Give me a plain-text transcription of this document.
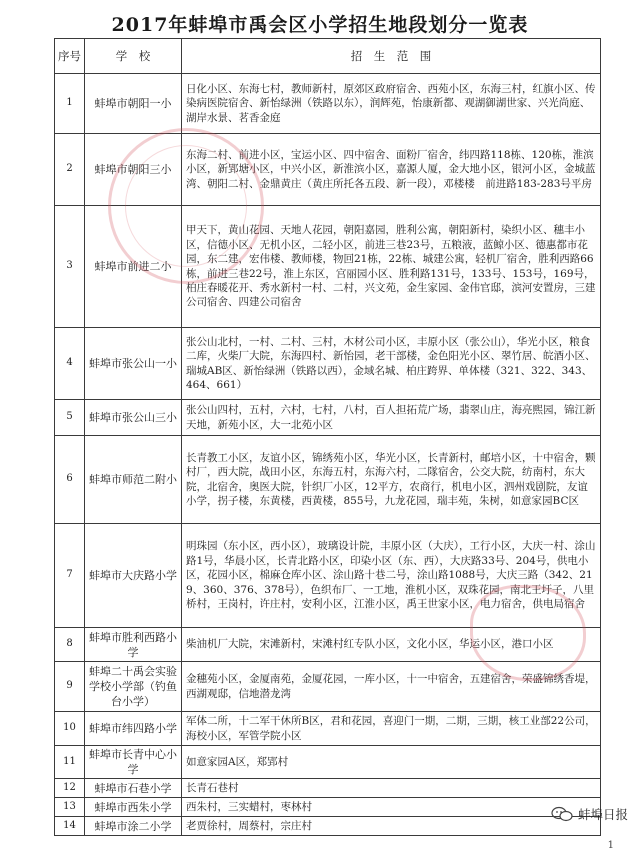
2017年蚌埠市禹会区小学招生地段划分一览表
序号	学　校	招　生　范　围
1	蚌埠市朝阳一小	日化小区、东海七村，教师新村，原郊区政府宿舍、西苑小区，东海三村，红旗小区、传染病医院宿舍、新怡绿洲（铁路以东），润辉苑，怡康新都、观湖御湖世家、兴光尚庭、湖岸水景、茗香金庭
2	蚌埠市朝阳三小	东海二村、前进小区，宝运小区、四中宿舍、面粉厂宿舍，纬四路118栋、120栋，淮滨小区，新郢塘小区，中兴小区，新淮滨小区，嘉源人厦，金大地小区，银河小区，金城蓝湾、朝阳二村、金鼎黄庄（黄庄所托各五段、新一段），邓楼楼　前进路183-283号平房
3	蚌埠市前进二小	甲天下，黄山花园、天地人花园，朝阳嘉园，胜利公寓，朝阳新村，染织小区、穗丰小区，信德小区、无机小区，二轻小区，前进三巷23号，五粮液，蓝鲸小区、德惠都市花园，东二建，宏伟楼、教师楼，物回21栋，22栋、城建公寓，轻机厂宿舍，胜利西路66栋，前进三巷22号，淮上东区，宫丽园小区、胜利路131号，133号、153号，169号，柏庄春暖花开、秀水新村一村、二村，兴文苑，金生家园、金伟官邸，滨河安置房，三建公司宿舍、四建公司宿舍
4	蚌埠市张公山一小	张公山北村，一村、二村、三村，木材公司小区，丰原小区（张公山），华光小区，粮食二库，火柴厂大院，东海四村、新怡园，老干部楼，金色阳光小区、翠竹居、皖酒小区、瑞城AB区、新怡绿洲（铁路以西），金域名城、柏庄跨界、单体楼（321、322、343、464、661）
5	蚌埠市张公山三小	张公山四村，五村，六村，七村，八村，百人担拓荒广场，翡翠山庄，海亮熙园，锦江新天地，新苑小区，大一北苑小区
6	蚌埠市师范二附小	长青教工小区，友谊小区，锦绣苑小区，华光小区，长青新村，邮培小区，十中宿舍，颗村厂，西大院，战田小区，东海五村，东海六村，二隊宿舍，公交大院，纺南村，东大院，北宿舍，奥医大院，针织厂小区，12平方，农商行，机电小区，泗州戏剧院，友谊小学，拐子楼，东黄楼，西黄楼，855号，九龙花园，瑞丰苑，朱树，如意家园BC区
7	蚌埠市大庆路小学	明珠园（东小区，西小区），玻璃设计院，丰原小区（大庆），工行小区，大庆一村、涂山路1号，华晨小区，长青北路小区，印染小区（东、西），大庆路33号、204号，供电小区，花园小区，棉麻仓库小区、涂山路十巷二号，涂山路1088号，大庆三路（342、219、360、376、378号），色织布厂、一工地，淮机小区，双珠花园，南北王圩子，八里桥村，王岗村，许庄村，安利小区，江淮小区，禹王世家小区，电力宿舍，供电局宿舍
8	蚌埠市胜利西路小学	柴油机厂大院，宋滩新村，宋滩村红专队小区，文化小区，华运小区，港口小区
9	蚌埠二十禹会实验学校小学部（钓鱼台小学）	金穗苑小区，金厦南苑，金厦花园，一库小区，十一中宿舍，五建宿舍，荣盛锦绣香堤，西湖观邸，信地潜龙湾
10	蚌埠市纬四路小学	军体二所，十二军干休所B区，君和花园，喜迎门一期，二期，三期，核工业部22公司，海校小区，军管学院小区
11	蚌埠市长青中心小学	如意家园A区，郑郢村
12	蚌埠市石巷小学	长青石巷村
13	蚌埠市西朱小学	西朱村，三实蜡村，枣林村
14	蚌埠市涂二小学	老贾徐村，周蔡村，宗庄村
蚌埠日报
1
